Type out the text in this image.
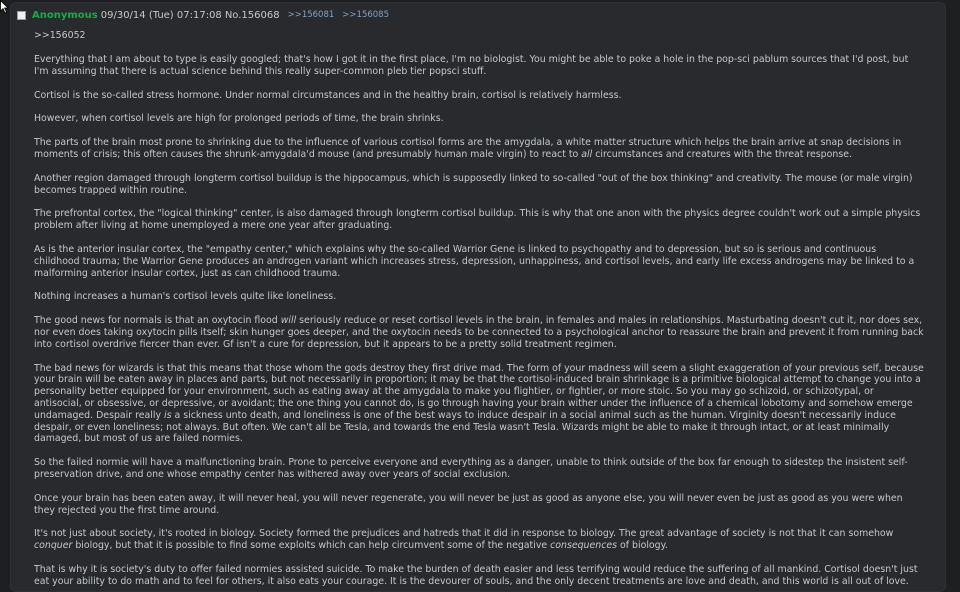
Anonymous 09/30/14 (Tue) 07:17:08 No.156068 >>156081 >>156085
>>156052
Everything that I am about to type is easily googled; that's how I got it in the first place, I'm no biologist. You might be able to poke a hole in the pop-sci pablum sources that I'd post, but I'm assuming that there is actual science behind this really super-common pleb tier popsci stuff.
Cortisol is the so-called stress hormone. Under normal circumstances and in the healthy brain, cortisol is relatively harmless.
However, when cortisol levels are high for prolonged periods of time, the brain shrinks.
The parts of the brain most prone to shrinking due to the influence of various cortisol forms are the amygdala, a white matter structure which helps the brain arrive at snap decisions in moments of crisis; this often causes the shrunk-amygdala'd mouse (and presumably human male virgin) to react to all circumstances and creatures with the threat response.
Another region damaged through longterm cortisol buildup is the hippocampus, which is supposedly linked to so-called "out of the box thinking" and creativity. The mouse (or male virgin) becomes trapped within routine.
The prefrontal cortex, the "logical thinking" center, is also damaged through longterm cortisol buildup. This is why that one anon with the physics degree couldn't work out a simple physics problem after living at home unemployed a mere one year after graduating.
As is the anterior insular cortex, the "empathy center," which explains why the so-called Warrior Gene is linked to psychopathy and to depression, but so is serious and continuous childhood trauma; the Warrior Gene produces an androgen variant which increases stress, depression, unhappiness, and cortisol levels, and early life excess androgens may be linked to a malforming anterior insular cortex, just as can childhood trauma.
Nothing increases a human's cortisol levels quite like loneliness.
The good news for normals is that an oxytocin flood will seriously reduce or reset cortisol levels in the brain, in females and males in relationships. Masturbating doesn't cut it, nor does sex, nor even does taking oxytocin pills itself; skin hunger goes deeper, and the oxytocin needs to be connected to a psychological anchor to reassure the brain and prevent it from running back into cortisol overdrive fiercer than ever. Gf isn't a cure for depression, but it appears to be a pretty solid treatment regimen.
The bad news for wizards is that this means that those whom the gods destroy they first drive mad. The form of your madness will seem a slight exaggeration of your previous self, because your brain will be eaten away in places and parts, but not necessarily in proportion; it may be that the cortisol-induced brain shrinkage is a primitive biological attempt to change you into a personality better equipped for your environment, such as eating away at the amygdala to make you flightier, or fightier, or more stoic. So you may go schizoid, or schizotypal, or antisocial, or obsessive, or depressive, or avoidant; the one thing you cannot do, is go through having your brain wither under the influence of a chemical lobotomy and somehow emerge undamaged. Despair really is a sickness unto death, and loneliness is one of the best ways to induce despair in a social animal such as the human. Virginity doesn't necessarily induce despair, or even loneliness; not always. But often. We can't all be Tesla, and towards the end Tesla wasn't Tesla. Wizards might be able to make it through intact, or at least minimally damaged, but most of us are failed normies.
So the failed normie will have a malfunctioning brain. Prone to perceive everyone and everything as a danger, unable to think outside of the box far enough to sidestep the insistent self-preservation drive, and one whose empathy center has withered away over years of social exclusion.
Once your brain has been eaten away, it will never heal, you will never regenerate, you will never be just as good as anyone else, you will never even be just as good as you were when they rejected you the first time around.
It's not just about society, it's rooted in biology. Society formed the prejudices and hatreds that it did in response to biology. The great advantage of society is not that it can somehow conquer biology, but that it is possible to find some exploits which can help circumvent some of the negative consequences of biology.
That is why it is society's duty to offer failed normies assisted suicide. To make the burden of death easier and less terrifying would reduce the suffering of all mankind. Cortisol doesn't just eat your ability to do math and to feel for others, it also eats your courage. It is the devourer of souls, and the only decent treatments are love and death, and this world is all out of love.
